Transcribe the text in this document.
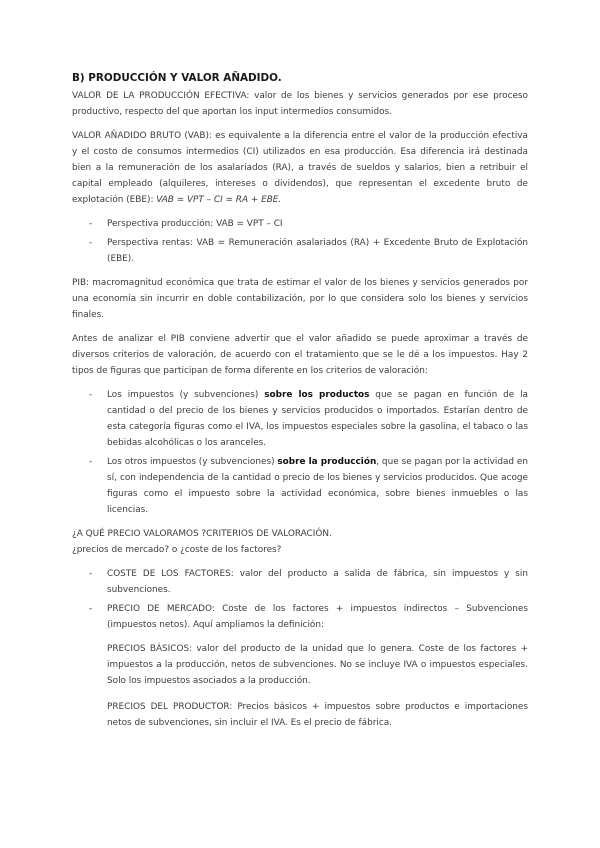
B) PRODUCCIÓN Y VALOR AÑADIDO.

VALOR DE LA PRODUCCIÓN EFECTIVA: valor de los bienes y servicios generados por ese proceso productivo, respecto del que aportan los input intermedios consumidos.

VALOR AÑADIDO BRUTO (VAB): es equivalente a la diferencia entre el valor de la producción efectiva y el costo de consumos intermedios (CI) utilizados en esa producción. Esa diferencia irá destinada bien a la remuneración de los asalariados (RA), a través de sueldos y salarios, bien a retribuir el capital empleado (alquileres, intereses o dividendos), que representan el excedente bruto de explotación (EBE): VAB = VPT – CI = RA + EBE.

- Perspectiva producción: VAB = VPT – CI
- Perspectiva rentas: VAB = Remuneración asalariados (RA) + Excedente Bruto de Explotación (EBE).

PIB: macromagnitud económica que trata de estimar el valor de los bienes y servicios generados por una economía sin incurrir en doble contabilización, por lo que considera solo los bienes y servicios finales.

Antes de analizar el PIB conviene advertir que el valor añadido se puede aproximar a través de diversos criterios de valoración, de acuerdo con el tratamiento que se le dé a los impuestos. Hay 2 tipos de figuras que participan de forma diferente en los criterios de valoración:

- Los impuestos (y subvenciones) sobre los productos que se pagan en función de la cantidad o del precio de los bienes y servicios producidos o importados. Estarían dentro de esta categoría figuras como el IVA, los impuestos especiales sobre la gasolina, el tabaco o las bebidas alcohólicas o los aranceles.
- Los otros impuestos (y subvenciones) sobre la producción, que se pagan por la actividad en sí, con independencia de la cantidad o precio de los bienes y servicios producidos. Que acoge figuras como el impuesto sobre la actividad económica, sobre bienes inmuebles o las licencias.

¿A QUÉ PRECIO VALORAMOS ?CRITERIOS DE VALORACIÓN.

¿precios de mercado? o ¿coste de los factores?

- COSTE DE LOS FACTORES: valor del producto a salida de fábrica, sin impuestos y sin subvenciones.
- PRECIO DE MERCADO: Coste de los factores + impuestos indirectos – Subvenciones (impuestos netos). Aquí ampliamos la definición:
PRECIOS BÁSICOS: valor del producto de la unidad que lo genera. Coste de los factores + impuestos a la producción, netos de subvenciones. No se incluye IVA o impuestos especiales. Solo los impuestos asociados a la producción.
PRECIOS DEL PRODUCTOR: Precios básicos + impuestos sobre productos e importaciones netos de subvenciones, sin incluir el IVA. Es el precio de fábrica.
